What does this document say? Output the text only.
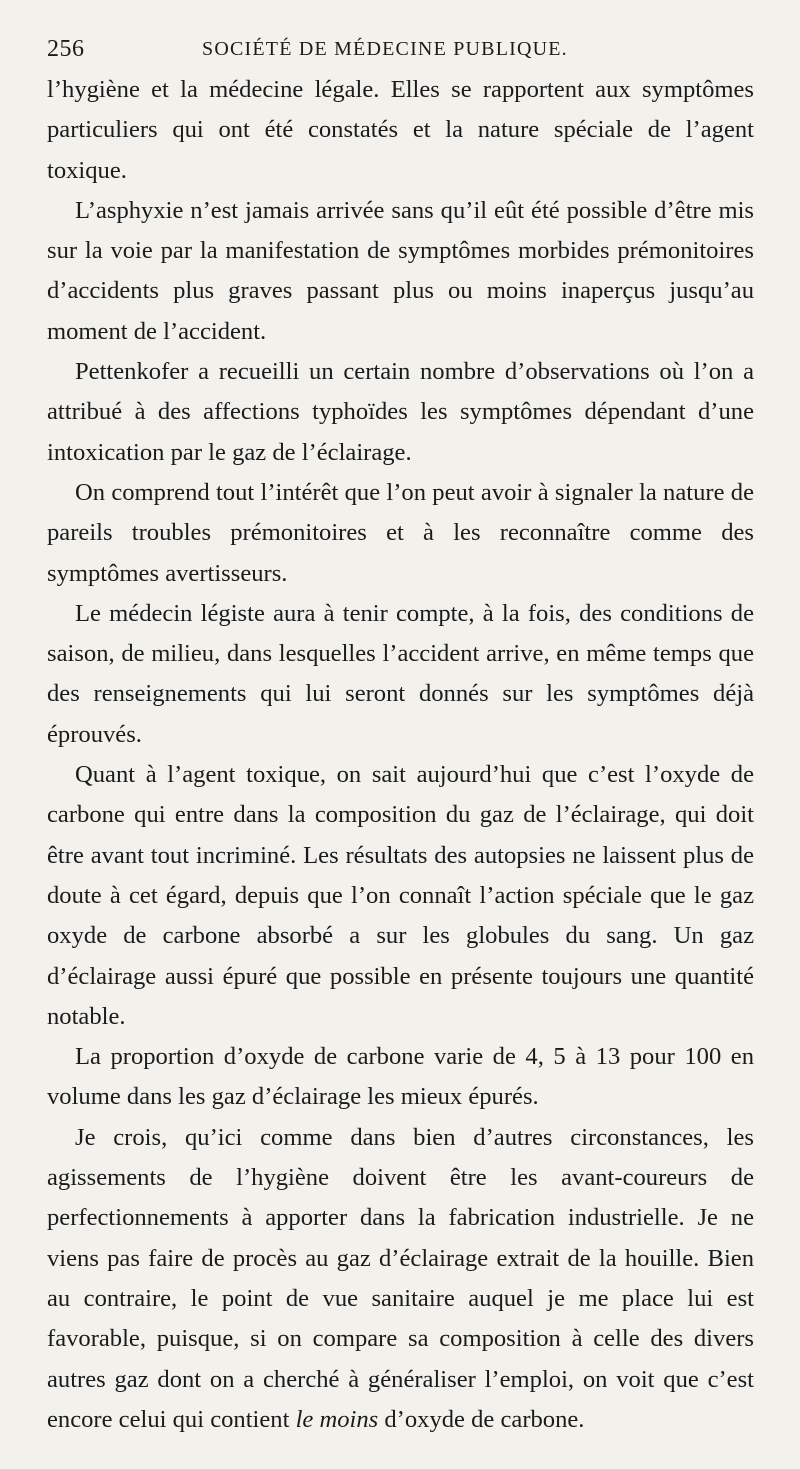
256	SOCIÉTÉ DE MÉDECINE PUBLIQUE.

l’hygiène et la médecine légale. Elles se rapportent aux symptômes particuliers qui ont été constatés et la nature spéciale de l’agent toxique.

L’asphyxie n’est jamais arrivée sans qu’il eût été possible d’être mis sur la voie par la manifestation de symptômes morbides prémonitoires d’accidents plus graves passant plus ou moins inaperçus jusqu’au moment de l’accident.

Pettenkofer a recueilli un certain nombre d’observations où l’on a attribué à des affections typhoïdes les symptômes dépendant d’une intoxication par le gaz de l’éclairage.

On comprend tout l’intérêt que l’on peut avoir à signaler la nature de pareils troubles prémonitoires et à les reconnaître comme des symptômes avertisseurs.

Le médecin légiste aura à tenir compte, à la fois, des conditions de saison, de milieu, dans lesquelles l’accident arrive, en même temps que des renseignements qui lui seront donnés sur les symptômes déjà éprouvés.

Quant à l’agent toxique, on sait aujourd’hui que c’est l’oxyde de carbone qui entre dans la composition du gaz de l’éclairage, qui doit être avant tout incriminé. Les résultats des autopsies ne laissent plus de doute à cet égard, depuis que l’on connaît l’action spéciale que le gaz oxyde de carbone absorbé a sur les globules du sang. Un gaz d’éclairage aussi épuré que possible en présente toujours une quantité notable.

La proportion d’oxyde de carbone varie de 4, 5 à 13 pour 100 en volume dans les gaz d’éclairage les mieux épurés.

Je crois, qu’ici comme dans bien d’autres circonstances, les agissements de l’hygiène doivent être les avant-coureurs de perfectionnements à apporter dans la fabrication industrielle. Je ne viens pas faire de procès au gaz d’éclairage extrait de la houille. Bien au contraire, le point de vue sanitaire auquel je me place lui est favorable, puisque, si on compare sa composition à celle des divers autres gaz dont on a cherché à généraliser l’emploi, on voit que c’est encore celui qui contient le moins d’oxyde de carbone.
